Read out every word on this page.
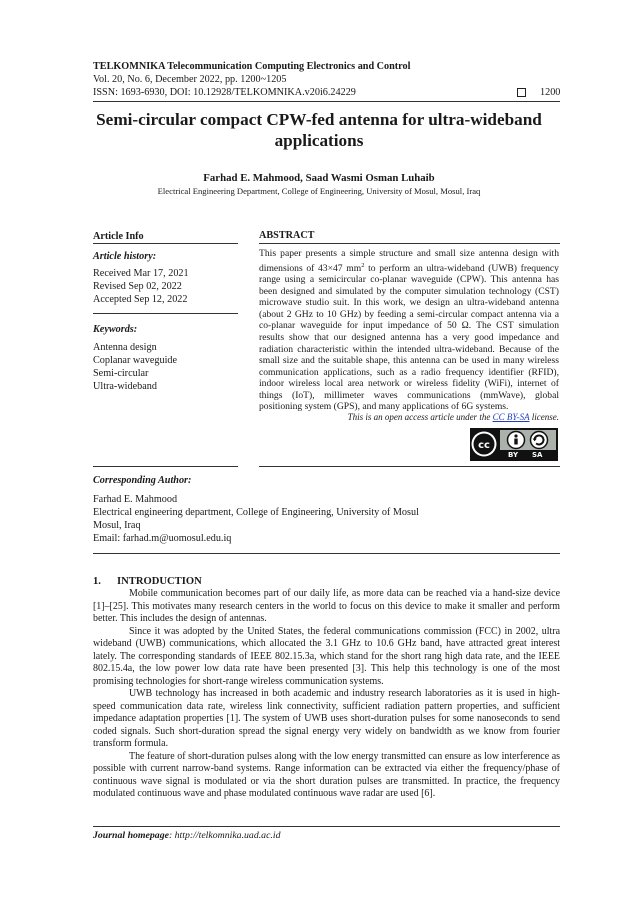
TELKOMNIKA Telecommunication Computing Electronics and Control
Vol. 20, No. 6, December 2022, pp. 1200~1205
ISSN: 1693-6930, DOI: 10.12928/TELKOMNIKA.v20i6.24229	1200
Semi-circular compact CPW-fed antenna for ultra-wideband applications
Farhad E. Mahmood, Saad Wasmi Osman Luhaib
Electrical Engineering Department, College of Engineering, University of Mosul, Mosul, Iraq
Article Info	ABSTRACT
Article history:
Received Mar 17, 2021
Revised Sep 02, 2022
Accepted Sep 12, 2022
Keywords:
Antenna design
Coplanar waveguide
Semi-circular
Ultra-wideband
This paper presents a simple structure and small size antenna design with dimensions of 43×47 $mm^2$ to perform an ultra-wideband (UWB) frequency range using a semicircular co-planar waveguide (CPW). This antenna has been designed and simulated by the computer simulation technology (CST) microwave studio suit. In this work, we design an ultra-wideband antenna (about 2 GHz to 10 GHz) by feeding a semi-circular compact antenna via a co-planar waveguide for input impedance of 50 Ω. The CST simulation results show that our designed antenna has a very good impedance and radiation characteristic within the intended ultra-wideband. Because of the small size and the suitable shape, this antenna can be used in many wireless communication applications, such as a radio frequency identifier (RFID), indoor wireless local area network or wireless fidelity (WiFi), internet of things (IoT), millimeter waves communications (mmWave), global positioning system (GPS), and many applications of 6G systems.
This is an open access article under the CC BY-SA license.
cc
BY SA
Corresponding Author:
Farhad E. Mahmood
Electrical engineering department, College of Engineering, University of Mosul
Mosul, Iraq
Email: farhad.m@uomosul.edu.iq
1. INTRODUCTION

Mobile communication becomes part of our daily life, as more data can be reached via a hand-size device [1]–[25]. This motivates many research centers in the world to focus on this device to make it smaller and perform better. This includes the design of antennas.

Since it was adopted by the United States, the federal communications commission (FCC) in 2002, ultra wideband (UWB) communications, which allocated the 3.1 GHz to 10.6 GHz band, have attracted great interest lately. The corresponding standards of IEEE 802.15.3a, which stand for the short rang high data rate, and the IEEE 802.15.4a, the low power low data rate have been presented [3]. This help this technology is one of the most promising technologies for short-range wireless communication systems.

UWB technology has increased in both academic and industry research laboratories as it is used in high-speed communication data rate, wireless link connectivity, sufficient radiation pattern properties, and sufficient impedance adaptation properties [1]. The system of UWB uses short-duration pulses for some nanoseconds to send coded signals. Such short-duration spread the signal energy very widely on bandwidth as we know from fourier transform formula.

The feature of short-duration pulses along with the low energy transmitted can ensure as low interference as possible with current narrow-band systems. Range information can be extracted via either the frequency/phase of continuous wave signal is modulated or via the short duration pulses are transmitted. In practice, the frequency modulated continuous wave and phase modulated continuous wave radar are used [6].

Journal homepage: http://telkomnika.uad.ac.id
